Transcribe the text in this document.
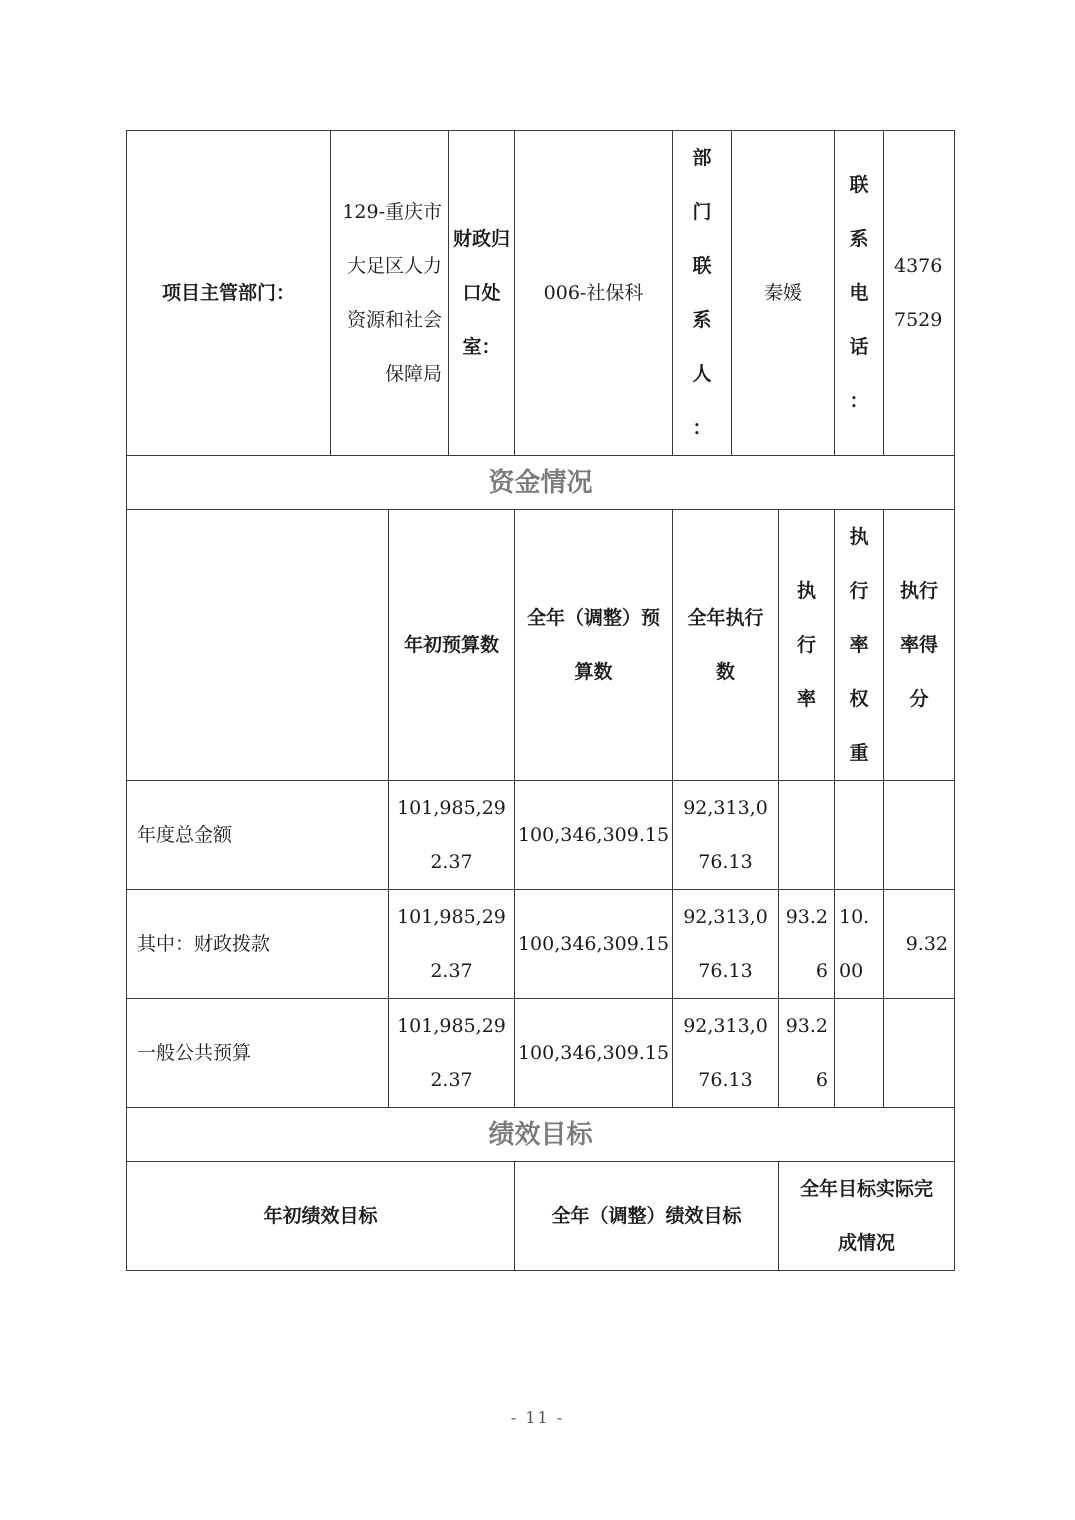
项目主管部门：	129-重庆市大足区人力资源和社会保障局		财政归口处室：	006-社保科	部门联系人：	秦媛		联系电话：	43767529
资金情况									
		年初预算数		全年（调整）预算数	全年执行数		执行率	执行率权重	执行率得分
年度总金额		101,985,292.37		100,346,309.15	92,313,076.13				
其中：财政拨款		101,985,292.37		100,346,309.15	92,313,076.13		93.26	10.00	9.32
一般公共预算		101,985,292.37		100,346,309.15	92,313,076.13		93.26		
绩效目标									
年初绩效目标				全年（调整）绩效目标			全年目标实际完成情况		
- 11 -
